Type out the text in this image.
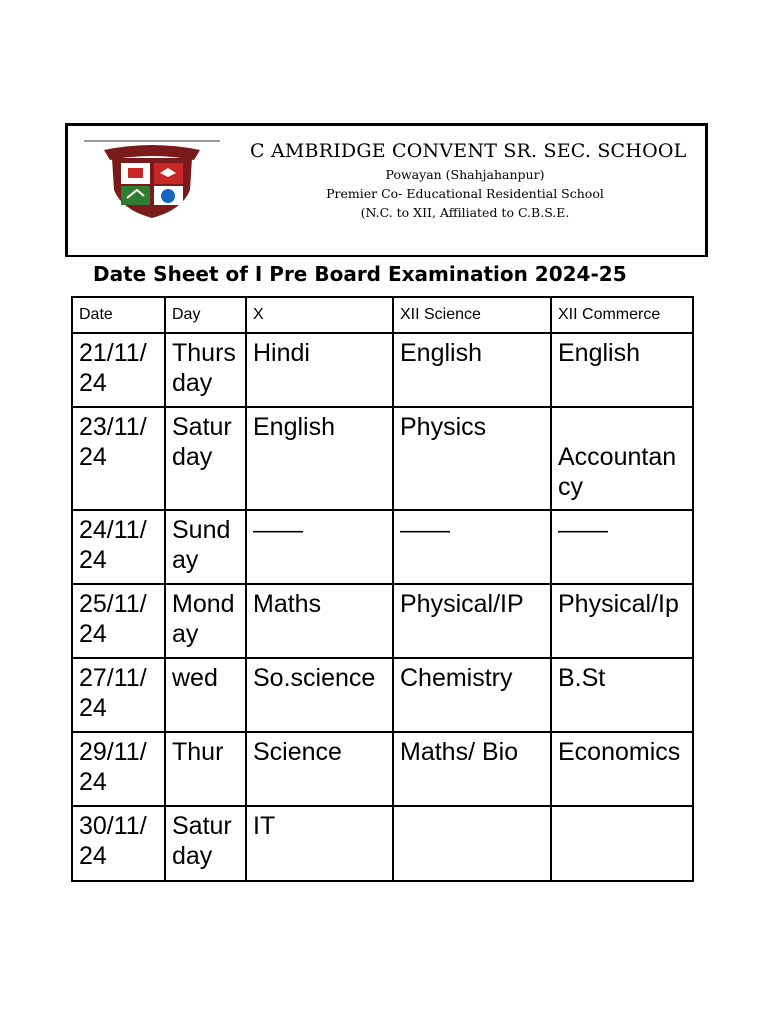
C AMBRIDGE CONVENT SR. SEC. SCHOOL
Powayan (Shahjahanpur)
Premier Co- Educational Residential School
(N.C. to XII, Affiliated to C.B.S.E.
Date Sheet of I Pre Board Examination 2024-25
Date	Day	X	XII Science	XII Commerce
21/11/24	Thursday	Hindi	English	English
23/11/24	Saturday	English	Physics	Accountancy
24/11/24	Sunday	——	——	——
25/11/24	Monday	Maths	Physical/IP	Physical/Ip
27/11/24	wed	So.science	Chemistry	B.St
29/11/24	Thur	Science	Maths/ Bio	Economics
30/11/24	Saturday	IT		
